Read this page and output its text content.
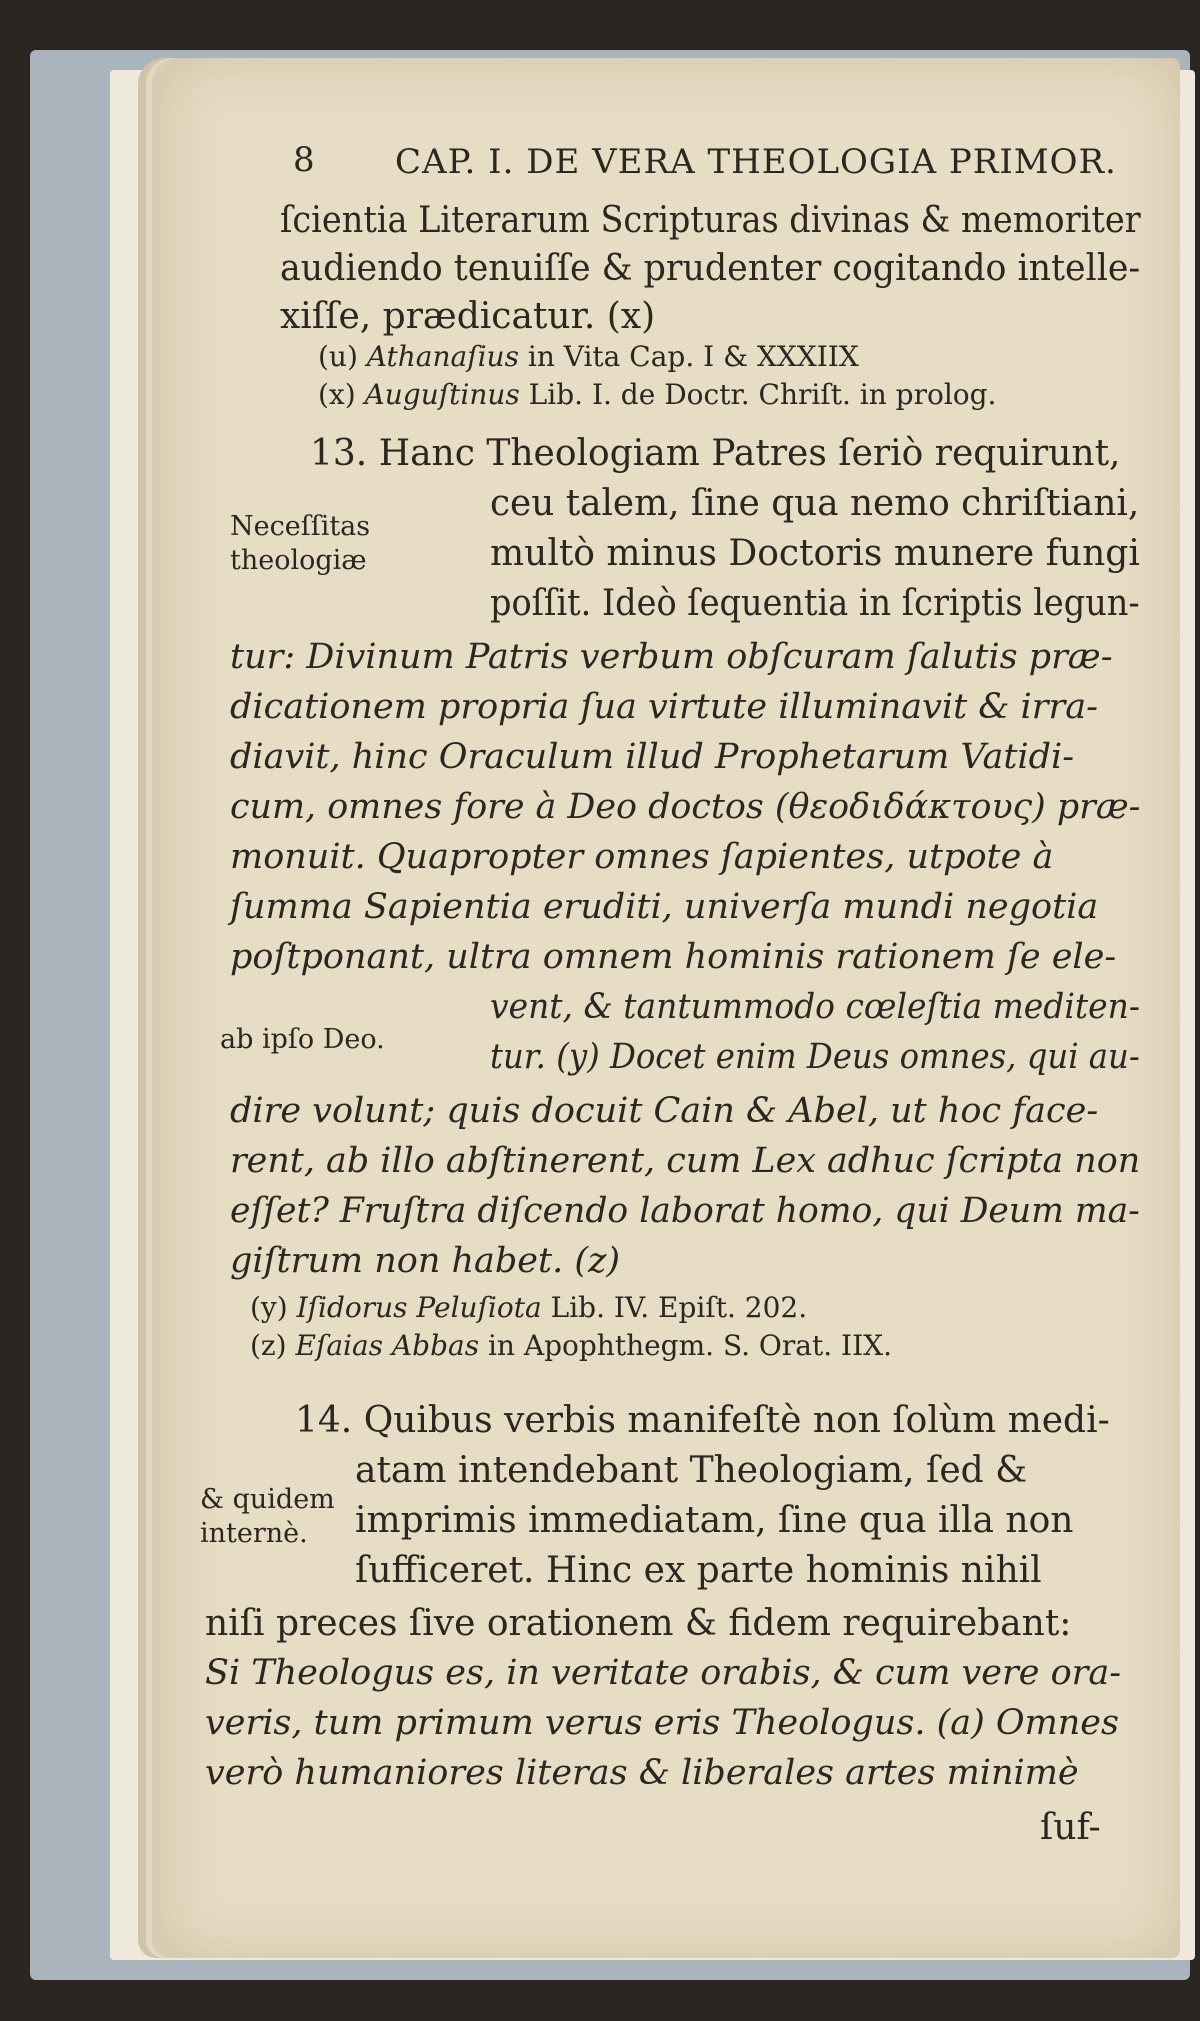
8 CAP. I. DE VERA THEOLOGIA PRIMOR.
ſcientia Literarum Scripturas divinas & memoriter
audiendo tenuiſſe & prudenter cogitando intelle-
xiſſe, prædicatur. (x)
(u) Athanaſius in Vita Cap. I & XXXIIX
(x) Auguſtinus Lib. I. de Doctr. Chriſt. in prolog.
13. Hanc Theologiam Patres ſeriò requirunt,
ceu talem, ſine qua nemo chriſtiani,
multò minus Doctoris munere fungi
poſſit. Ideò ſequentia in ſcriptis legun-
Neceſſitas
theologiæ
tur: Divinum Patris verbum obſcuram ſalutis præ-
dicationem propria ſua virtute illuminavit & irra-
diavit, hinc Oraculum illud Prophetarum Vatidi-
cum, omnes fore à Deo doctos (θεοδιδάκτους) præ-
monuit. Quapropter omnes ſapientes, utpote à
ſumma Sapientia eruditi, univerſa mundi negotia
poſtponant, ultra omnem hominis rationem ſe ele-
vent, & tantummodo cœleſtia mediten-
ab ipſo Deo.	tur. (y) Docet enim Deus omnes, qui au-
dire volunt; quis docuit Cain & Abel, ut hoc face-
rent, ab illo abſtinerent, cum Lex adhuc ſcripta non
eſſet? Fruſtra diſcendo laborat homo, qui Deum ma-
giſtrum non habet. (z)
(y) Iſidorus Peluſiota Lib. IV. Epiſt. 202.
(z) Eſaias Abbas in Apophthegm. S. Orat. IIX.
14. Quibus verbis manifeſtè non ſolùm medi-
atam intendebant Theologiam, ſed &
imprimis immediatam, ſine qua illa non
ſufficeret. Hinc ex parte hominis nihil
& quidem
internè.
niſi preces ſive orationem & fidem requirebant:
Si Theologus es, in veritate orabis, & cum vere ora-
veris, tum primum verus eris Theologus. (a) Omnes
verò humaniores literas & liberales artes minimè
ſuf-
